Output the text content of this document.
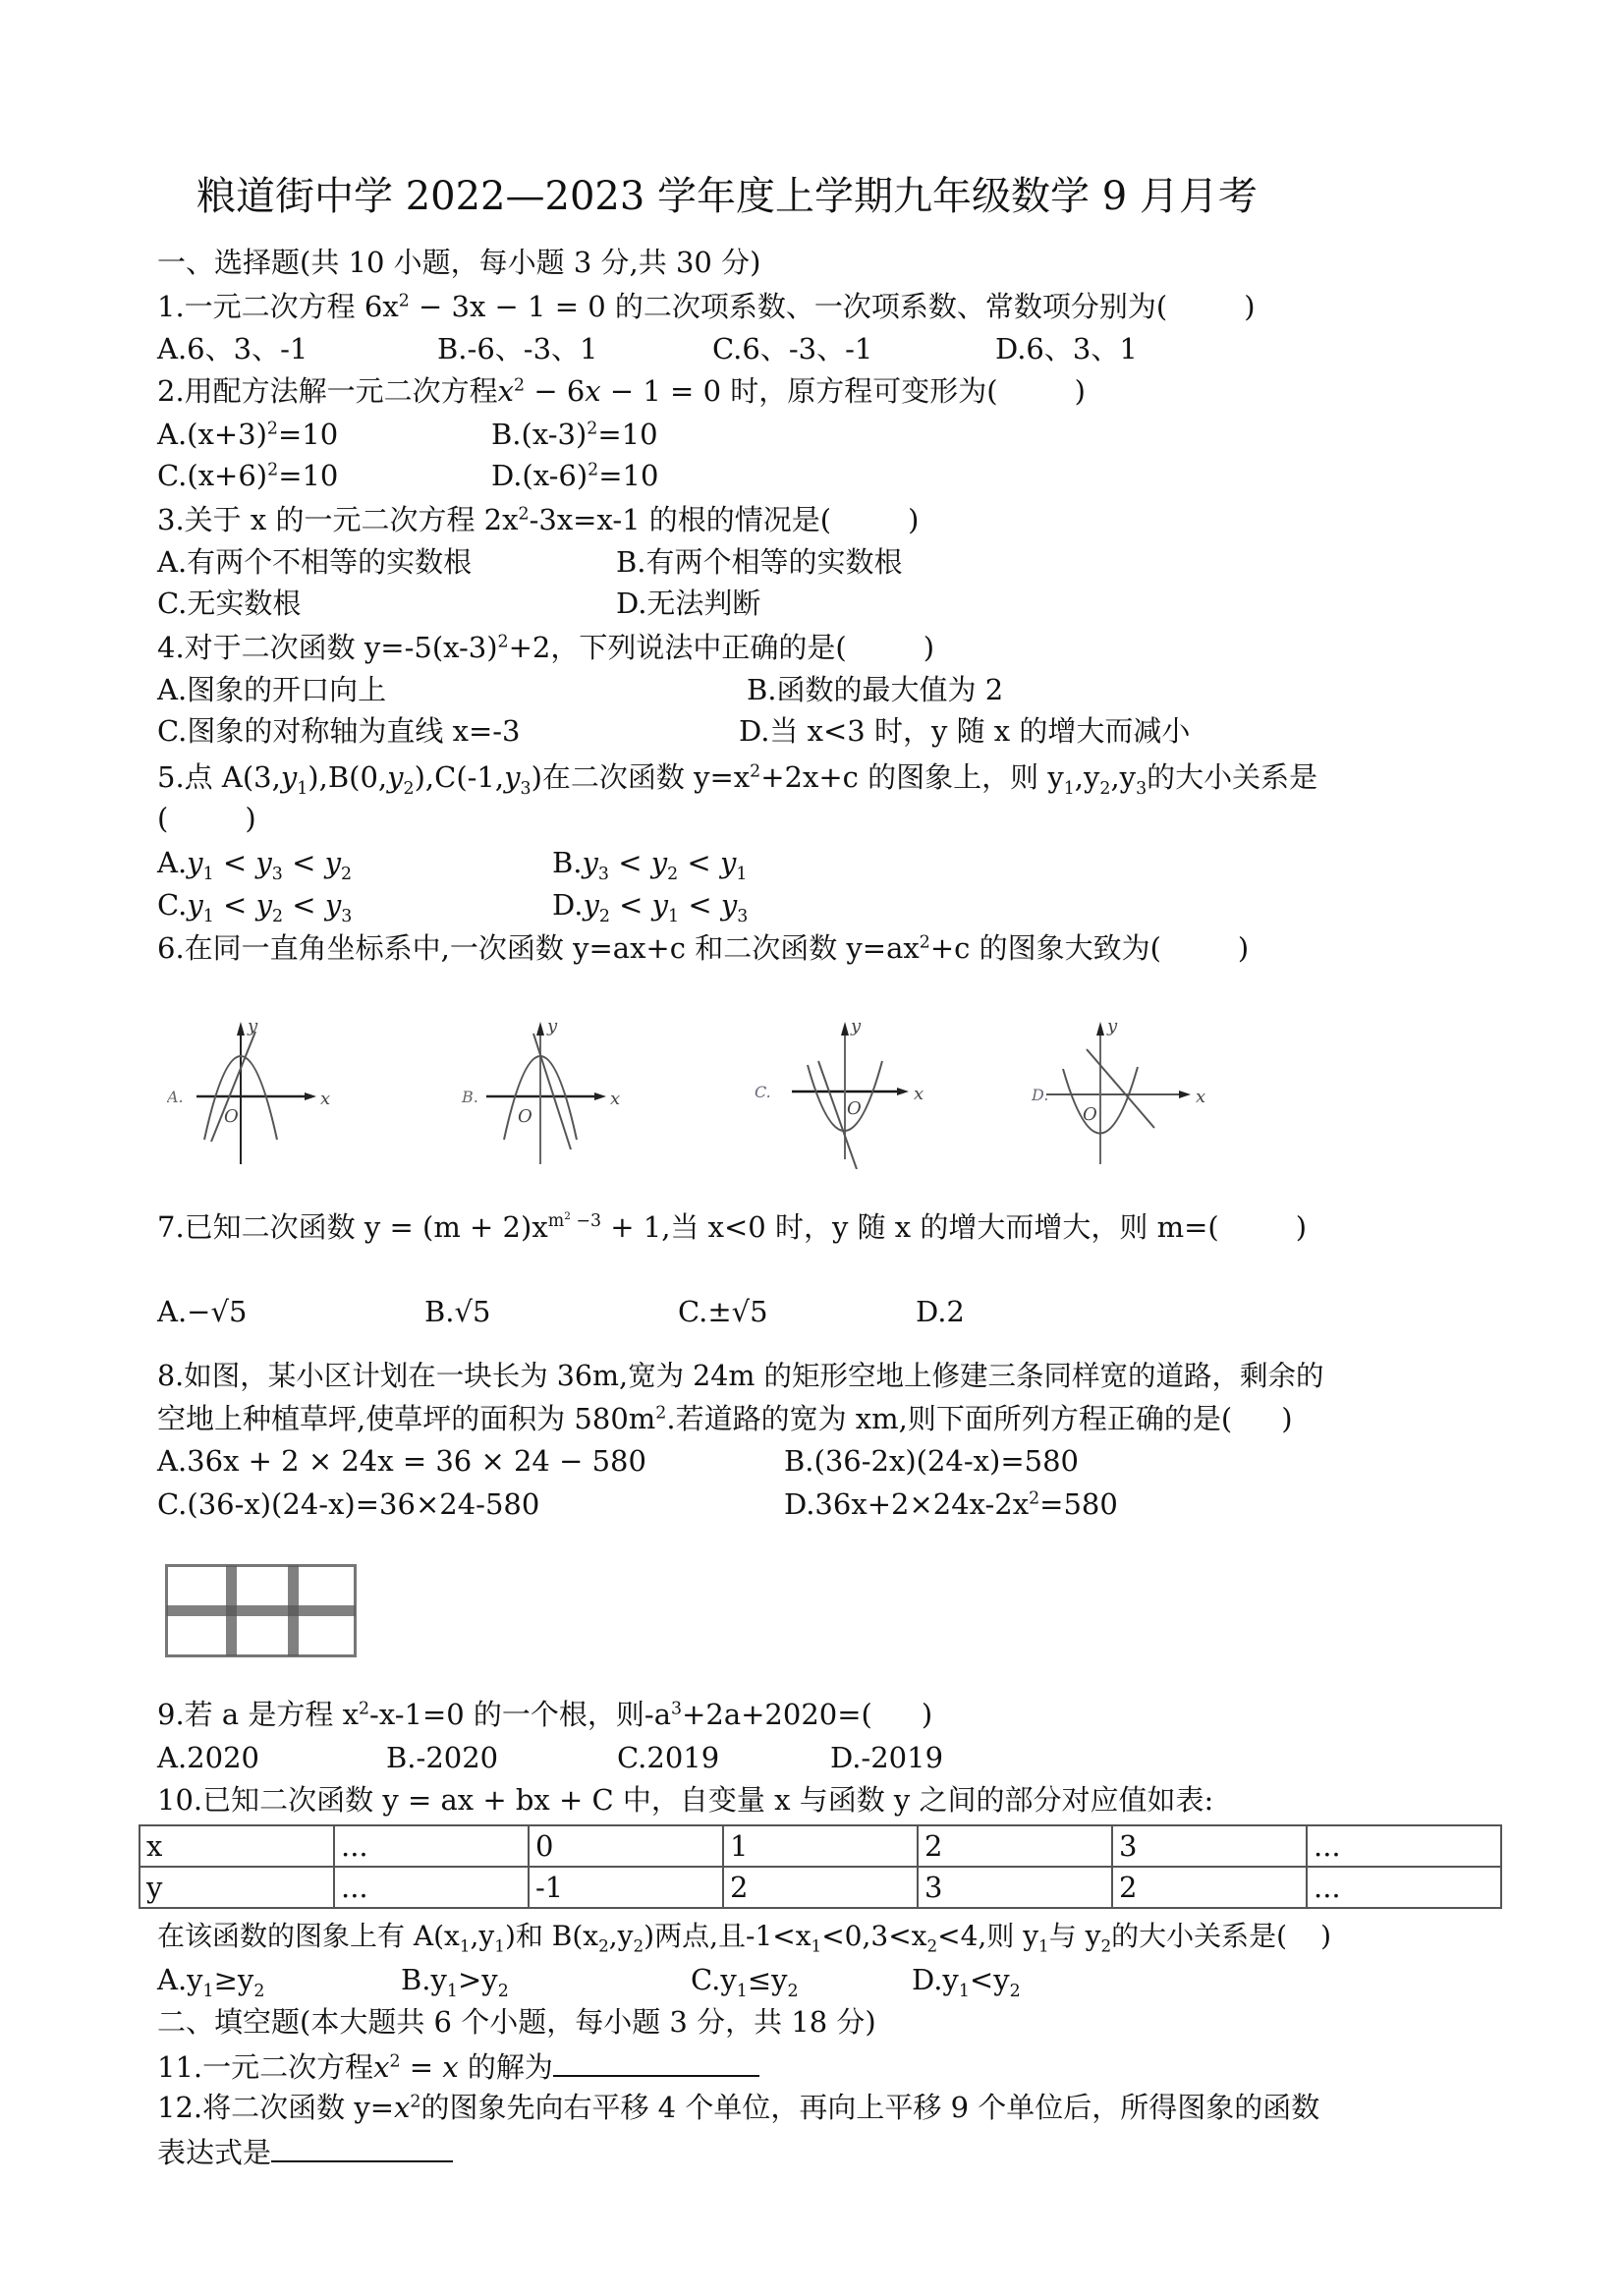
粮道街中学 2022—2023 学年度上学期九年级数学 9 月月考
一、选择题(共 10 小题，每小题 3 分,共 30 分)
1.一元二次方程 $6x^2 - 3x - 1 = 0$ 的二次项系数、一次项系数、常数项分别为(	)
A.6、3、-1	B.-6、-3、1	C.6、-3、-1	D.6、3、1
2.用配方法解一元二次方程$x^2 - 6x - 1 = 0$ 时，原方程可变形为(	)
$A.(x+3)^2=10$	$B.(x-3)^2=10$
$C.(x+6)^2=10$	$D.(x-6)^2=10$
3.关于 x 的一元二次方程 $2x^2-3x=x-1$ 的根的情况是(	)
A.有两个不相等的实数根	B.有两个相等的实数根
C.无实数根	D.无法判断
4.对于二次函数 $y=-5(x-3)^2+2$，下列说法中正确的是(	)
A.图象的开口向上	B.函数的最大值为 2
C.图象的对称轴为直线 x=-3	D.当 x<3 时，y 随 x 的增大而减小
5.点 $A(3,y_1),B(0,y_2),C(-1,y_3)$在二次函数 $y=x^2+2x+c$ 的图象上，则 $y_1,y_2,y_3$的大小关系是
(	)
$A.y_1 < y_3 < y_2$	$B.y_3 < y_2 < y_1$
$C.y_1 < y_2 < y_3$	$D.y_2 < y_1 < y_3$
6.在同一直角坐标系中,一次函数 y=ax+c 和二次函数 $y=ax^2+c$ 的图象大致为(	)
A.	x
y
O
B.	x
y
O
C.	x
y
O
D.	x
y
O
7.已知二次函数 $y = (m + 2)x^{m^2 -3} + 1$,当 x<0 时，y 随 x 的增大而增大，则 m=(	)
A.−√5	B.√5	C.±√5	D.2
8.如图，某小区计划在一块长为 36m,宽为 24m 的矩形空地上修建三条同样宽的道路，剩余的
空地上种植草坪,使草坪的面积为 $580m^2$.若道路的宽为 xm,则下面所列方程正确的是( )
A.36x + 2 × 24x = 36 × 24 − 580	B.(36-2x)(24-x)=580
C.(36-x)(24-x)=36×24-580	$D.36x+2\times 24x-2x^2=580$
9.若 a 是方程 $x^2-x-1=0$ 的一个根，则$-a^3+2a+2020=$( )
A.2020	B.-2020	C.2019	D.-2019
10.已知二次函数 y = ax + bx + C 中，自变量 x 与函数 y 之间的部分对应值如表:
x	...	0	1	2	3	...
y	...	-1	2	3	2	...
在该函数的图象上有 $A(x_1,y_1)$和 $B(x_2,y_2)$两点,且$-1<x_1<0,3<x_2<4$,则 $y_1$与 $y_2$的大小关系是( )
$A.y_1\ge y_2$	$B.y_1>y_2$	$C.y_1\le y_2$	$D.y_1<y_2$
二、填空题(本大题共 6 个小题，每小题 3 分，共 18 分)
11.一元二次方程$x^2 = x$ 的解为
12.将二次函数 $y=x^2$的图象先向右平移 4 个单位，再向上平移 9 个单位后，所得图象的函数
表达式是
